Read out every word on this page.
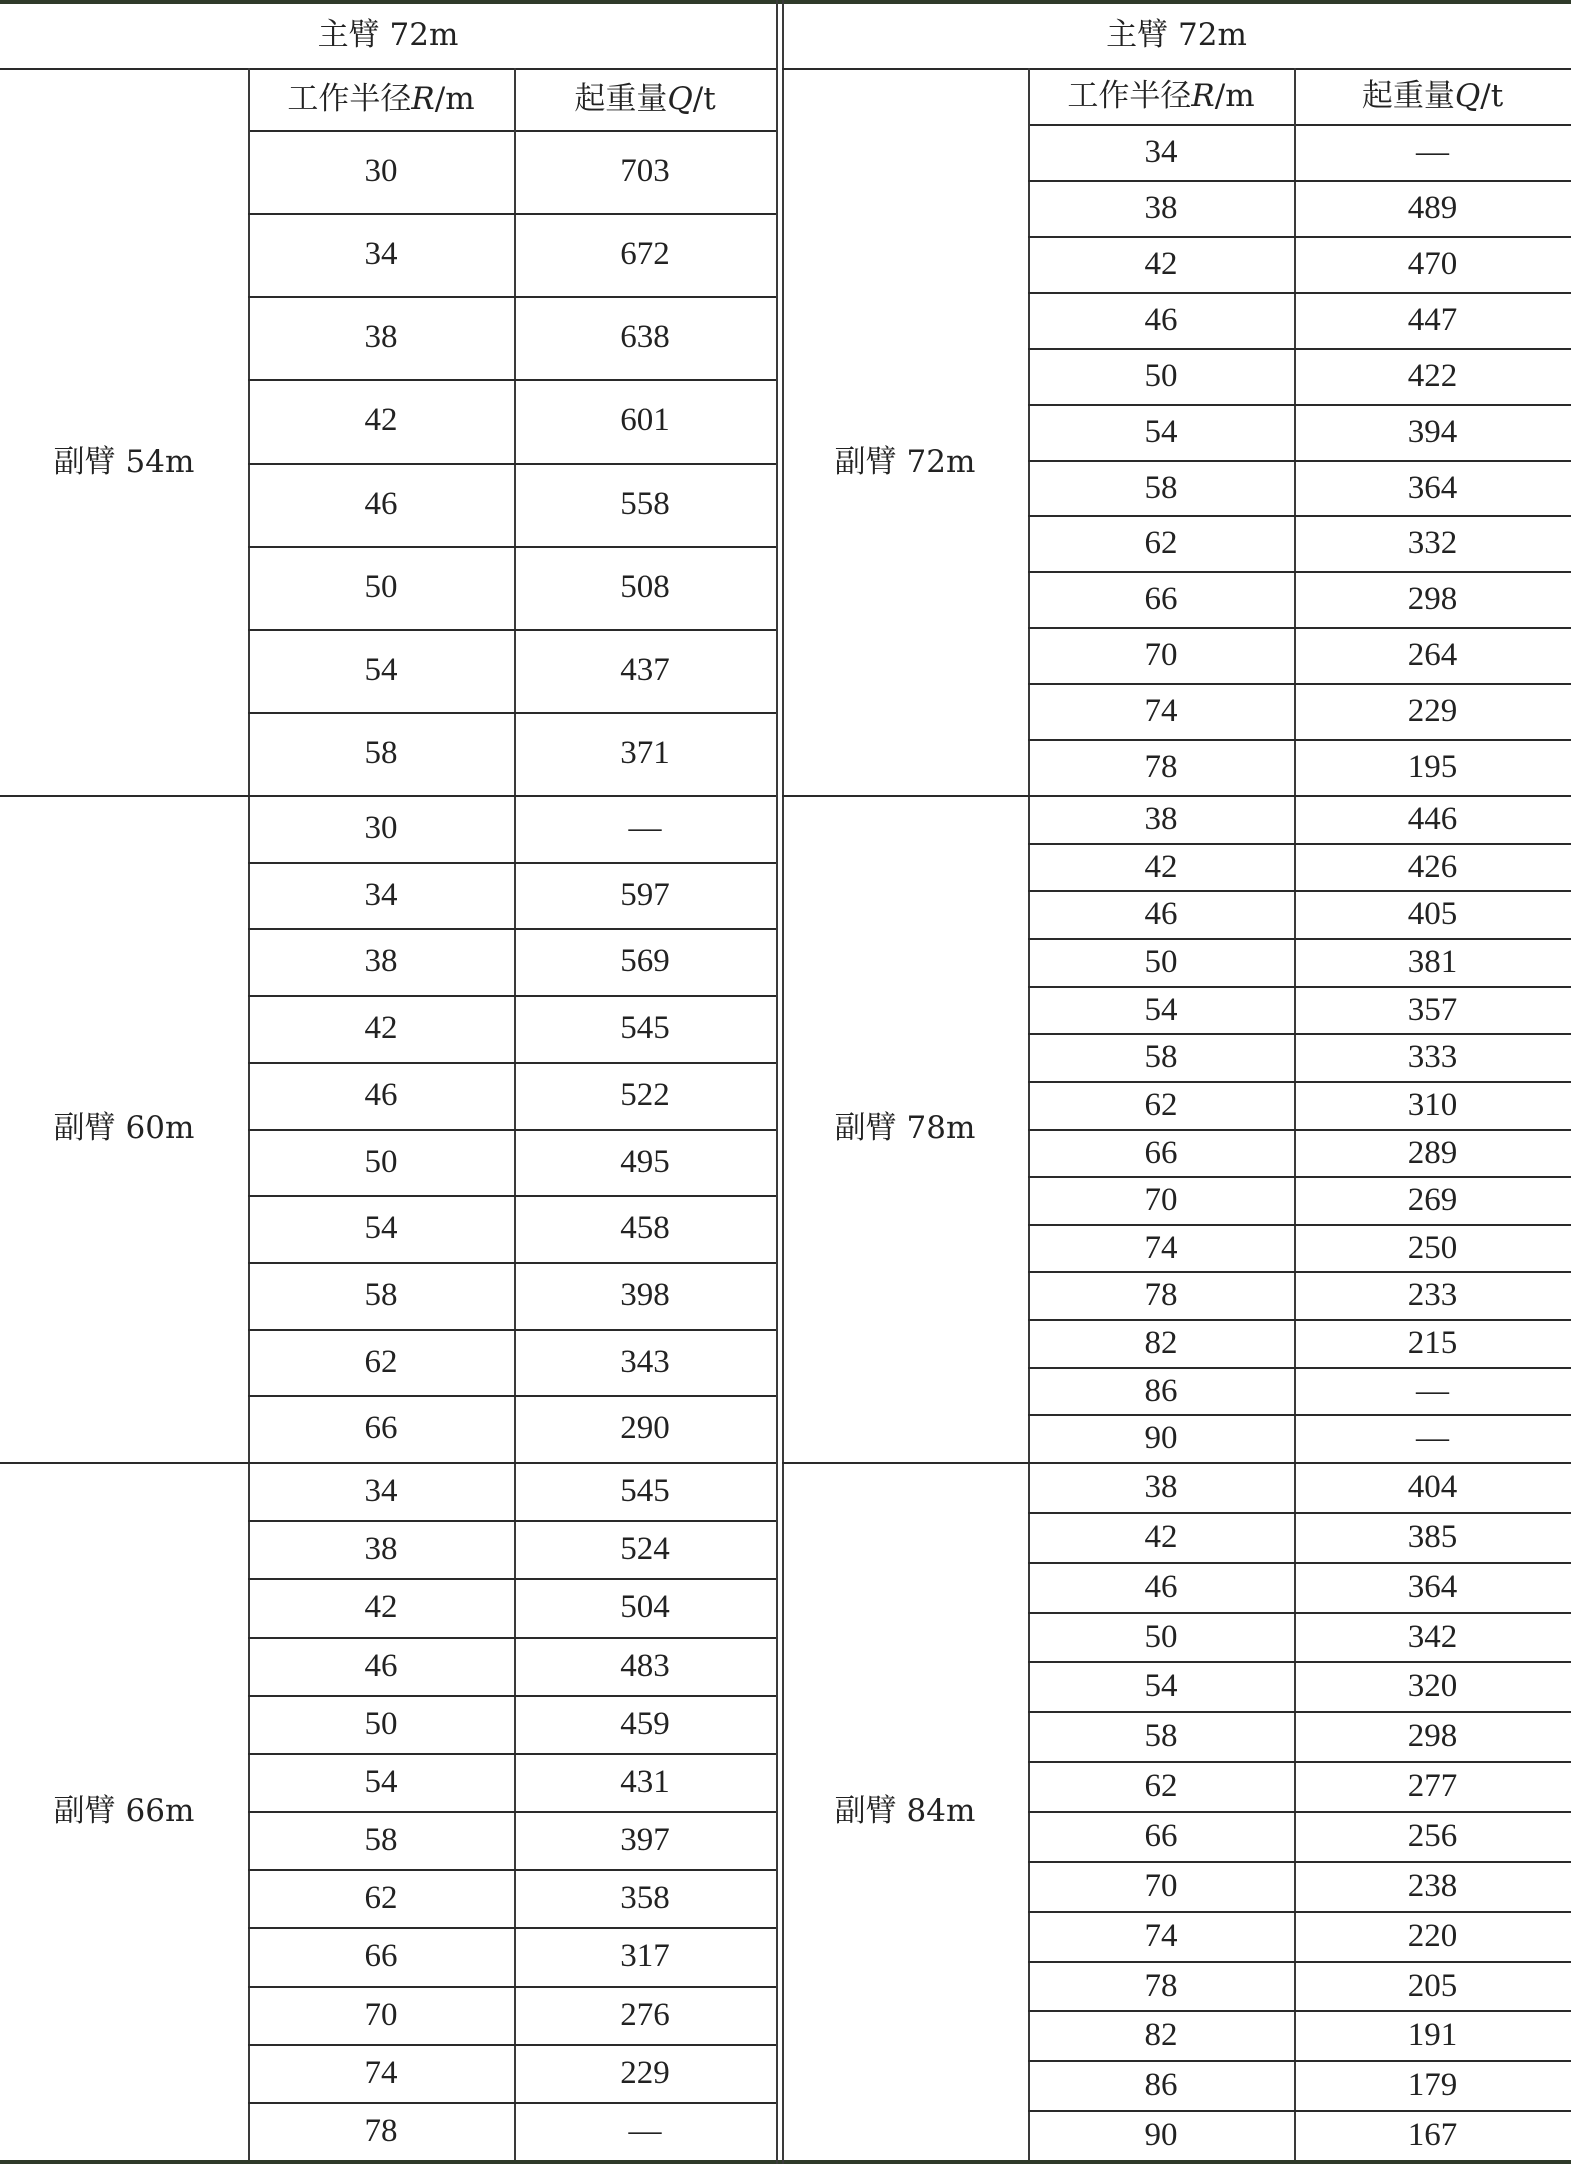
主臂 72m
工作半径 R /m	起重量 Q /t
副臂 54m
30	703
34	672
38	638
42	601
46	558
50	508
54	437
58	371
副臂 60m
30	—
34	597
38	569
42	545
46	522
50	495
54	458
58	398
62	343
66	290
副臂 66m
34	545
38	524
42	504
46	483
50	459
54	431
58	397
62	358
66	317
70	276
74	229
78	—
主臂 72m
工作半径 R /m	起重量 Q /t
副臂 72m
34	—
38	489
42	470
46	447
50	422
54	394
58	364
62	332
66	298
70	264
74	229
78	195
副臂 78m
38	446
42	426
46	405
50	381
54	357
58	333
62	310
66	289
70	269
74	250
78	233
82	215
86	—
90	—
副臂 84m
38	404
42	385
46	364
50	342
54	320
58	298
62	277
66	256
70	238
74	220
78	205
82	191
86	179
90	167
